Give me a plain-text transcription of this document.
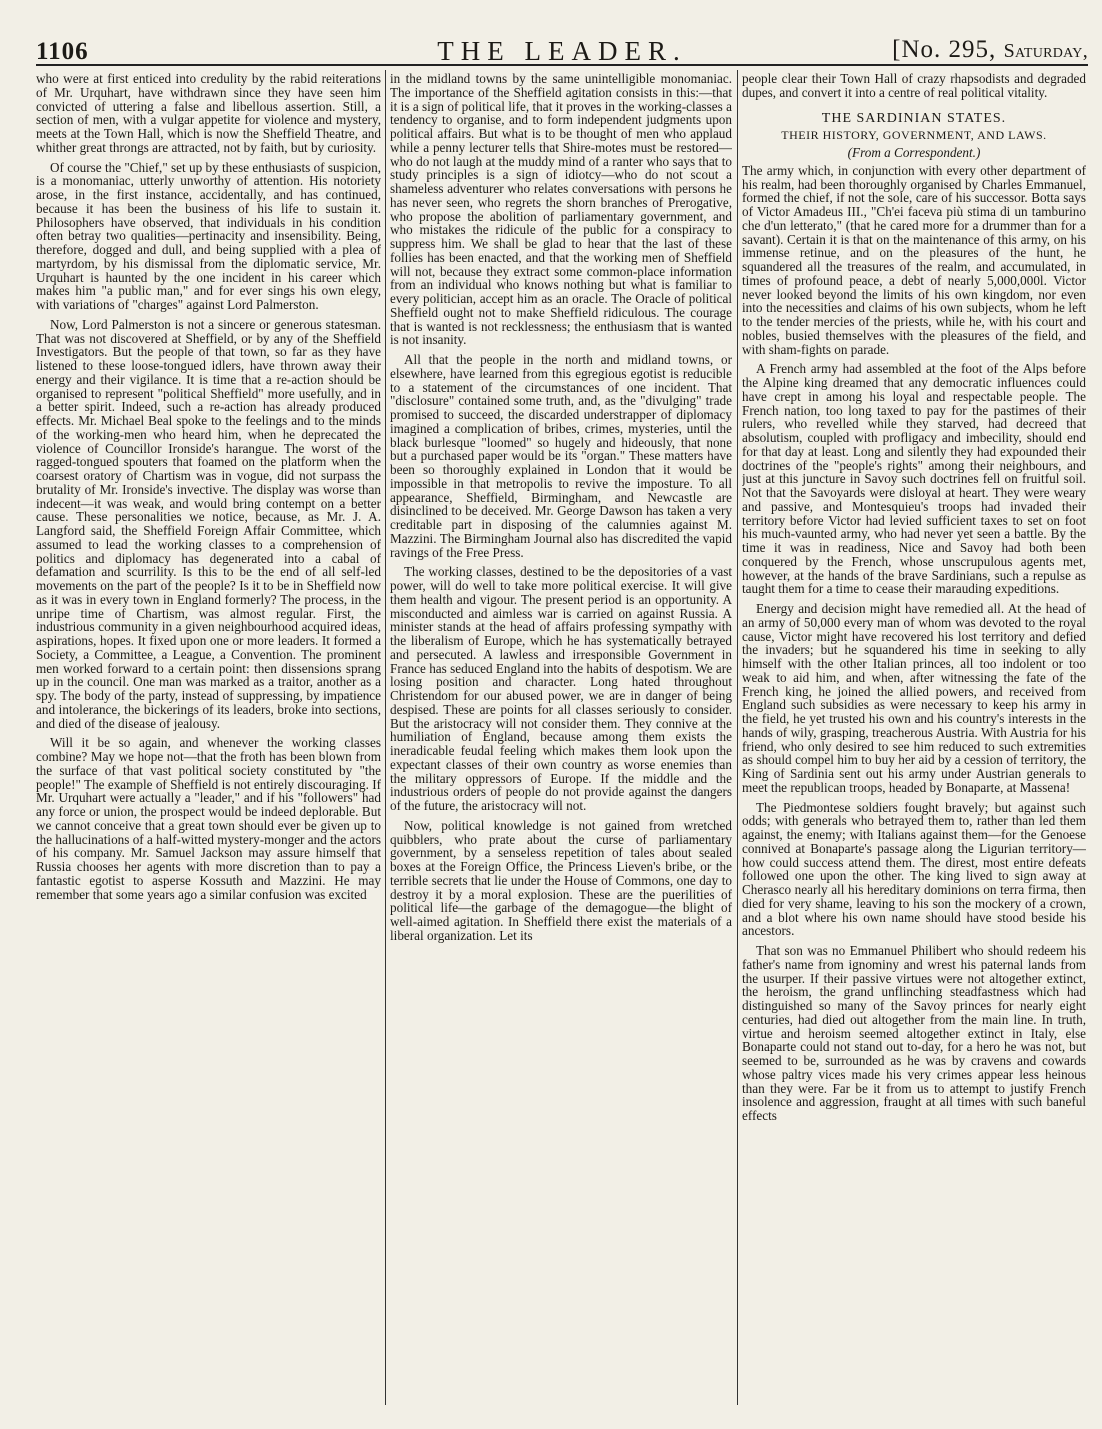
1106	THE LEADER.	[No. 295, Saturday,

who were at first enticed into credulity by the rabid reiterations of Mr. Urquhart, have withdrawn since they have seen him convicted of uttering a false and libellous assertion. Still, a section of men, with a vulgar appetite for violence and mystery, meets at the Town Hall, which is now the Sheffield Theatre, and whither great throngs are attracted, not by faith, but by curiosity.

Of course the "Chief," set up by these enthusiasts of suspicion, is a monomaniac, utterly unworthy of attention. His notoriety arose, in the first instance, accidentally, and has continued, because it has been the business of his life to sustain it. Philosophers have observed, that individuals in his condition often betray two qualities—pertinacity and insensibility. Being, therefore, dogged and dull, and being supplied with a plea of martyrdom, by his dismissal from the diplomatic service, Mr. Urquhart is haunted by the one incident in his career which makes him "a public man," and for ever sings his own elegy, with variations of "charges" against Lord Palmerston.

Now, Lord Palmerston is not a sincere or generous statesman. That was not discovered at Sheffield, or by any of the Sheffield Investigators. But the people of that town, so far as they have listened to these loose-tongued idlers, have thrown away their energy and their vigilance. It is time that a re-action should be organised to represent "political Sheffield" more usefully, and in a better spirit. Indeed, such a re-action has already produced effects. Mr. Michael Beal spoke to the feelings and to the minds of the working-men who heard him, when he deprecated the violence of Councillor Ironside's harangue. The worst of the ragged-tongued spouters that foamed on the platform when the coarsest oratory of Chartism was in vogue, did not surpass the brutality of Mr. Ironside's invective. The display was worse than indecent—it was weak, and would bring contempt on a better cause. These personalities we notice, because, as Mr. J. A. Langford said, the Sheffield Foreign Affair Committee, which assumed to lead the working classes to a comprehension of politics and diplomacy has degenerated into a cabal of defamation and scurrility. Is this to be the end of all self-led movements on the part of the people? Is it to be in Sheffield now as it was in every town in England formerly? The process, in the unripe time of Chartism, was almost regular. First, the industrious community in a given neighbourhood acquired ideas, aspirations, hopes. It fixed upon one or more leaders. It formed a Society, a Committee, a League, a Convention. The prominent men worked forward to a certain point: then dissensions sprang up in the council. One man was marked as a traitor, another as a spy. The body of the party, instead of suppressing, by impatience and intolerance, the bickerings of its leaders, broke into sections, and died of the disease of jealousy.

Will it be so again, and whenever the working classes combine? May we hope not—that the froth has been blown from the surface of that vast political society constituted by "the people!" The example of Sheffield is not entirely discouraging. If Mr. Urquhart were actually a "leader," and if his "followers" had any force or union, the prospect would be indeed deplorable. But we cannot conceive that a great town should ever be given up to the hallucinations of a half-witted mystery-monger and the actors of his company. Mr. Samuel Jackson may assure himself that Russia chooses her agents with more discretion than to pay a fantastic egotist to asperse Kossuth and Mazzini. He may remember that some years ago a similar confusion was excited

in the midland towns by the same unintelligible monomaniac. The importance of the Sheffield agitation consists in this:—that it is a sign of political life, that it proves in the working-classes a tendency to organise, and to form independent judgments upon political affairs. But what is to be thought of men who applaud while a penny lecturer tells that Shire-motes must be restored—who do not laugh at the muddy mind of a ranter who says that to study principles is a sign of idiotcy—who do not scout a shameless adventurer who relates conversations with persons he has never seen, who regrets the shorn branches of Prerogative, who propose the abolition of parliamentary government, and who mistakes the ridicule of the public for a conspiracy to suppress him. We shall be glad to hear that the last of these follies has been enacted, and that the working men of Sheffield will not, because they extract some common-place information from an individual who knows nothing but what is familiar to every politician, accept him as an oracle. The Oracle of political Sheffield ought not to make Sheffield ridiculous. The courage that is wanted is not recklessness; the enthusiasm that is wanted is not insanity.

All that the people in the north and midland towns, or elsewhere, have learned from this egregious egotist is reducible to a statement of the circumstances of one incident. That "disclosure" contained some truth, and, as the "divulging" trade promised to succeed, the discarded understrapper of diplomacy imagined a complication of bribes, crimes, mysteries, until the black burlesque "loomed" so hugely and hideously, that none but a purchased paper would be its "organ." These matters have been so thoroughly explained in London that it would be impossible in that metropolis to revive the imposture. To all appearance, Sheffield, Birmingham, and Newcastle are disinclined to be deceived. Mr. George Dawson has taken a very creditable part in disposing of the calumnies against M. Mazzini. The Birmingham Journal also has discredited the vapid ravings of the Free Press.

The working classes, destined to be the depositories of a vast power, will do well to take more political exercise. It will give them health and vigour. The present period is an opportunity. A misconducted and aimless war is carried on against Russia. A minister stands at the head of affairs professing sympathy with the liberalism of Europe, which he has systematically betrayed and persecuted. A lawless and irresponsible Government in France has seduced England into the habits of despotism. We are losing position and character. Long hated throughout Christendom for our abused power, we are in danger of being despised. These are points for all classes seriously to consider. But the aristocracy will not consider them. They connive at the humiliation of England, because among them exists the ineradicable feudal feeling which makes them look upon the expectant classes of their own country as worse enemies than the military oppressors of Europe. If the middle and the industrious orders of people do not provide against the dangers of the future, the aristocracy will not.

Now, political knowledge is not gained from wretched quibblers, who prate about the curse of parliamentary government, by a senseless repetition of tales about sealed boxes at the Foreign Office, the Princess Lieven's bribe, or the terrible secrets that lie under the House of Commons, one day to destroy it by a moral explosion. These are the puerilities of political life—the garbage of the demagogue—the blight of well-aimed agitation. In Sheffield there exist the materials of a liberal organization. Let its

people clear their Town Hall of crazy rhapsodists and degraded dupes, and convert it into a centre of real political vitality.

THE SARDINIAN STATES.
THEIR HISTORY, GOVERNMENT, AND LAWS.
(From a Correspondent.)

The army which, in conjunction with every other department of his realm, had been thoroughly organised by Charles Emmanuel, formed the chief, if not the sole, care of his successor. Botta says of Victor Amadeus III., "Ch'ei faceva più stima di un tamburino che d'un letterato," (that he cared more for a drummer than for a savant). Certain it is that on the maintenance of this army, on his immense retinue, and on the pleasures of the hunt, he squandered all the treasures of the realm, and accumulated, in times of profound peace, a debt of nearly 5,000,000l. Victor never looked beyond the limits of his own kingdom, nor even into the necessities and claims of his own subjects, whom he left to the tender mercies of the priests, while he, with his court and nobles, busied themselves with the pleasures of the field, and with sham-fights on parade.

A French army had assembled at the foot of the Alps before the Alpine king dreamed that any democratic influences could have crept in among his loyal and respectable people. The French nation, too long taxed to pay for the pastimes of their rulers, who revelled while they starved, had decreed that absolutism, coupled with profligacy and imbecility, should end for that day at least. Long and silently they had expounded their doctrines of the "people's rights" among their neighbours, and just at this juncture in Savoy such doctrines fell on fruitful soil. Not that the Savoyards were disloyal at heart. They were weary and passive, and Montesquieu's troops had invaded their territory before Victor had levied sufficient taxes to set on foot his much-vaunted army, who had never yet seen a battle. By the time it was in readiness, Nice and Savoy had both been conquered by the French, whose unscrupulous agents met, however, at the hands of the brave Sardinians, such a repulse as taught them for a time to cease their marauding expeditions.

Energy and decision might have remedied all. At the head of an army of 50,000 every man of whom was devoted to the royal cause, Victor might have recovered his lost territory and defied the invaders; but he squandered his time in seeking to ally himself with the other Italian princes, all too indolent or too weak to aid him, and when, after witnessing the fate of the French king, he joined the allied powers, and received from England such subsidies as were necessary to keep his army in the field, he yet trusted his own and his country's interests in the hands of wily, grasping, treacherous Austria. With Austria for his friend, who only desired to see him reduced to such extremities as should compel him to buy her aid by a cession of territory, the King of Sardinia sent out his army under Austrian generals to meet the republican troops, headed by Bonaparte, at Massena!

The Piedmontese soldiers fought bravely; but against such odds; with generals who betrayed them to, rather than led them against, the enemy; with Italians against them—for the Genoese connived at Bonaparte's passage along the Ligurian territory—how could success attend them. The direst, most entire defeats followed one upon the other. The king lived to sign away at Cherasco nearly all his hereditary dominions on terra firma, then died for very shame, leaving to his son the mockery of a crown, and a blot where his own name should have stood beside his ancestors.

That son was no Emmanuel Philibert who should redeem his father's name from ignominy and wrest his paternal lands from the usurper. If their passive virtues were not altogether extinct, the heroism, the grand unflinching steadfastness which had distinguished so many of the Savoy princes for nearly eight centuries, had died out altogether from the main line. In truth, virtue and heroism seemed altogether extinct in Italy, else Bonaparte could not stand out to-day, for a hero he was not, but seemed to be, surrounded as he was by cravens and cowards whose paltry vices made his very crimes appear less heinous than they were. Far be it from us to attempt to justify French insolence and aggression, fraught at all times with such baneful effects
